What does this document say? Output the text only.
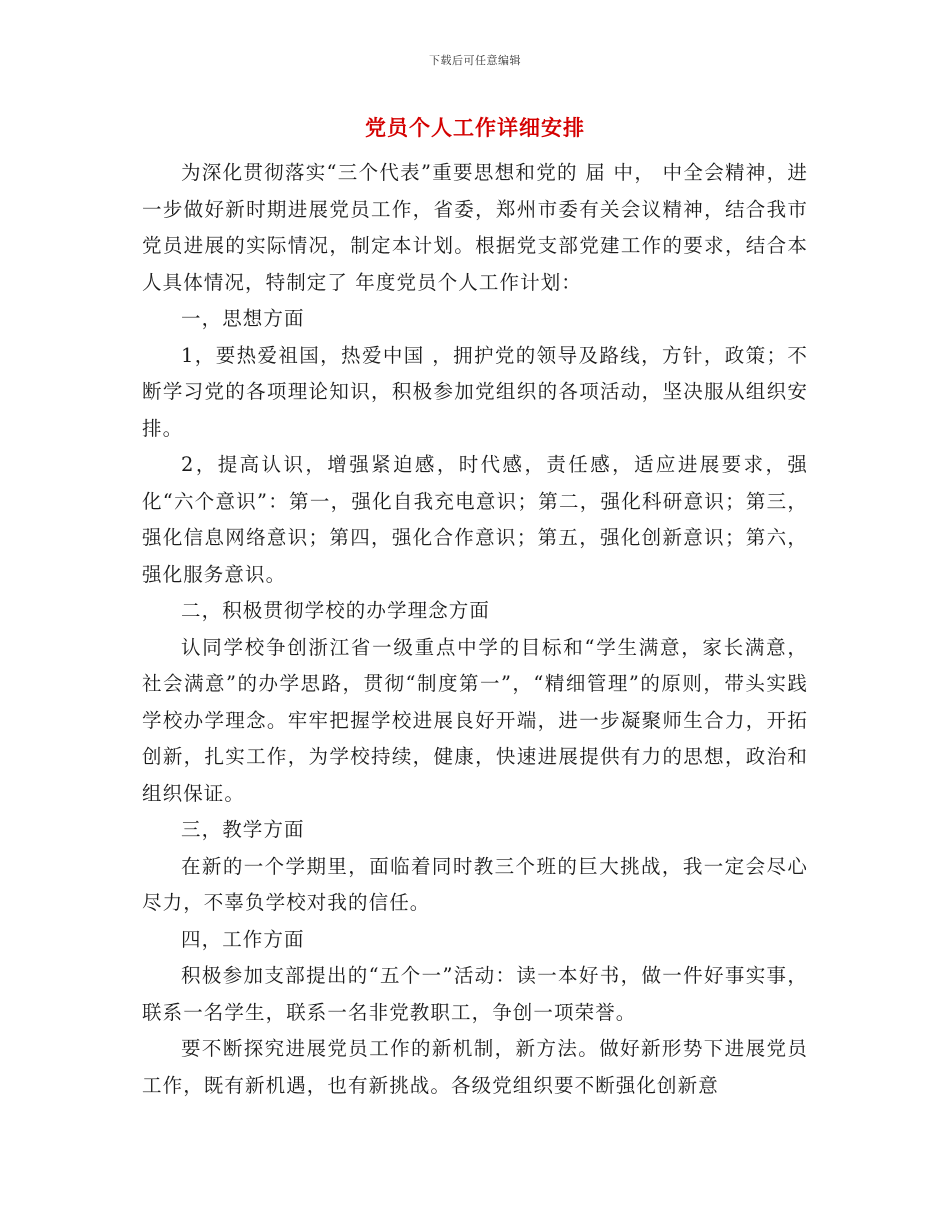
下载后可任意编辑
党员个人工作详细安排

为深化贯彻落实“三个代表”重要思想和党的 届 中， 中全会精神，进一步做好新时期进展党员工作，省委，郑州市委有关会议精神，结合我市党员进展的实际情况，制定本计划。根据党支部党建工作的要求，结合本人具体情况，特制定了 年度党员个人工作计划：

一，思想方面

1，要热爱祖国，热爱中国 ，拥护党的领导及路线，方针，政策；不断学习党的各项理论知识，积极参加党组织的各项活动，坚决服从组织安排。

2，提高认识，增强紧迫感，时代感，责任感，适应进展要求，强化“六个意识”：第一，强化自我充电意识；第二，强化科研意识；第三，强化信息网络意识；第四，强化合作意识；第五，强化创新意识；第六，强化服务意识。

二，积极贯彻学校的办学理念方面

认同学校争创浙江省一级重点中学的目标和“学生满意，家长满意，社会满意”的办学思路，贯彻“制度第一”，“精细管理”的原则，带头实践学校办学理念。牢牢把握学校进展良好开端，进一步凝聚师生合力，开拓创新，扎实工作，为学校持续，健康，快速进展提供有力的思想，政治和组织保证。

三，教学方面

在新的一个学期里，面临着同时教三个班的巨大挑战，我一定会尽心尽力，不辜负学校对我的信任。

四，工作方面

积极参加支部提出的“五个一”活动：读一本好书，做一件好事实事，联系一名学生，联系一名非党教职工，争创一项荣誉。

要不断探究进展党员工作的新机制，新方法。做好新形势下进展党员工作，既有新机遇，也有新挑战。各级党组织要不断强化创新意
